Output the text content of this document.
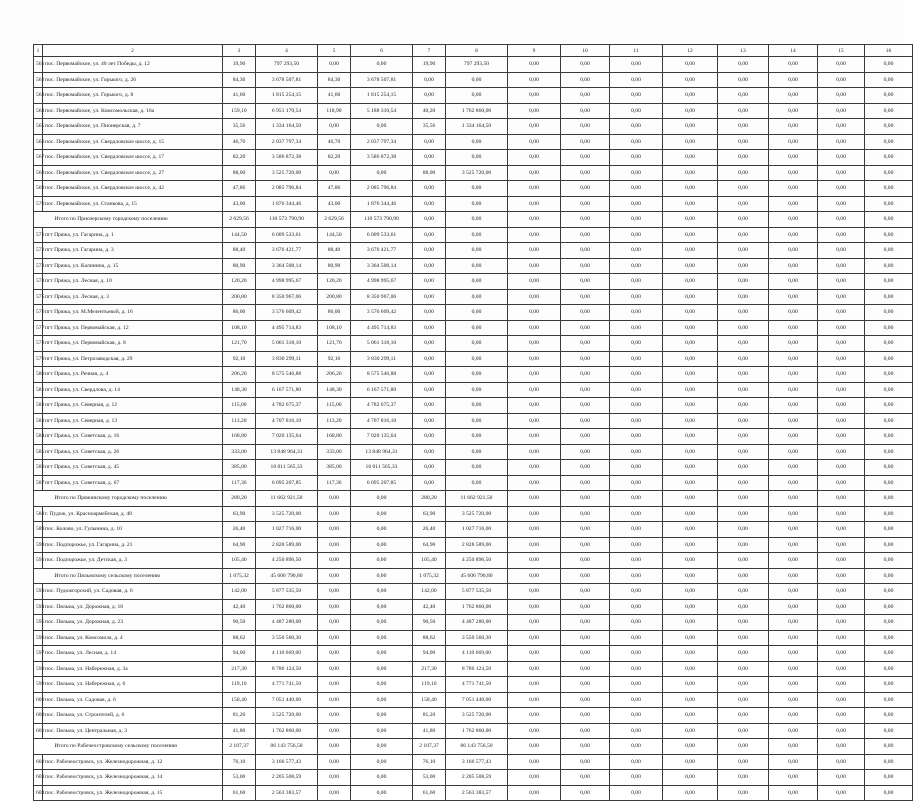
1	2	3	4	5	6	7	8	9	10	11	12	13	14	15	16
561	пос. Первомайское, ул. 40 лет Победы, д. 12	19,90	797 293,50	0,00	0,00	19,90	797 293,50	0,00	0,00	0,00	0,00	0,00	0,00	0,00	0,00
562	пос. Первомайское, ул. Горького, д. 26	84,30	3 678 507,81	84,30	3 678 507,81	0,00	0,00	0,00	0,00	0,00	0,00	0,00	0,00	0,00	0,00
563	пос. Первомайское, ул. Горького, д. 8	41,60	1 815 254,15	41,60	1 815 254,15	0,00	0,00	0,00	0,00	0,00	0,00	0,00	0,00	0,00	0,00
564	пос. Первомайское, ул. Комсомольская, д. 16а	159,10	6 951 170,54	118,90	5 188 310,54	40,20	1 762 860,00	0,00	0,00	0,00	0,00	0,00	0,00	0,00	0,00
565	пос. Первомайское, ул. Пионерская, д. 7	35,56	1 334 164,50	0,00	0,00	35,56	1 334 164,50	0,00	0,00	0,00	0,00	0,00	0,00	0,00	0,00
566	пос. Первомайское, ул. Свердловское шоссе, д. 15	46,70	2 037 797,34	46,70	2 037 797,34	0,00	0,00	0,00	0,00	0,00	0,00	0,00	0,00	0,00	0,00
567	пос. Первомайское, ул. Свердловское шоссе, д. 17	82,20	3 586 872,38	82,20	3 586 872,38	0,00	0,00	0,00	0,00	0,00	0,00	0,00	0,00	0,00	0,00
568	пос. Первомайское, ул. Свердловское шоссе, д. 27	88,00	3 525 720,00	0,00	0,00	88,00	3 525 720,00	0,00	0,00	0,00	0,00	0,00	0,00	0,00	0,00
569	пос. Первомайское, ул. Свердловское шоссе, д. 42	47,86	2 085 796,84	47,86	2 085 796,84	0,00	0,00	0,00	0,00	0,00	0,00	0,00	0,00	0,00	0,00
570	пос. Первомайское, ул. Станкова, д. 15	43,00	1 876 344,46	43,00	1 876 344,46	0,00	0,00	0,00	0,00	0,00	0,00	0,00	0,00	0,00	0,00
	Итого по Приозерскому городскому поселению	2 629,56	110 573 790,90	2 629,56	110 573 790,90	0,00	0,00	0,00	0,00	0,00	0,00	0,00	0,00	0,00	0,00
571	пгт Пряжа, ул. Гагарина, д. 1	144,50	6 009 533,61	144,50	6 009 533,61	0,00	0,00	0,00	0,00	0,00	0,00	0,00	0,00	0,00	0,00
572	пгт Пряжа, ул. Гагарина, д. 3	88,40	3 676 421,77	88,40	3 676 421,77	0,00	0,00	0,00	0,00	0,00	0,00	0,00	0,00	0,00	0,00
573	пгт Пряжа, ул. Калинина, д. 15	80,90	3 364 508,14	80,90	3 364 508,14	0,00	0,00	0,00	0,00	0,00	0,00	0,00	0,00	0,00	0,00
574	пгт Пряжа, ул. Лесная, д. 10	120,20	4 998 995,67	120,20	4 998 995,67	0,00	0,00	0,00	0,00	0,00	0,00	0,00	0,00	0,00	0,00
575	пгт Пряжа, ул. Лесная, д. 3	200,80	8 350 967,06	200,80	8 350 967,06	0,00	0,00	0,00	0,00	0,00	0,00	0,00	0,00	0,00	0,00
576	пгт Пряжа, ул. М.Мелентьевой, д. 16	86,00	3 576 609,42	86,00	3 576 609,42	0,00	0,00	0,00	0,00	0,00	0,00	0,00	0,00	0,00	0,00
577	пгт Пряжа, ул. Первомайская, д. 12	108,10	4 495 714,83	108,10	4 495 714,83	0,00	0,00	0,00	0,00	0,00	0,00	0,00	0,00	0,00	0,00
578	пгт Пряжа, ул. Первомайская, д. 8	121,70	5 061 318,10	121,70	5 061 318,10	0,00	0,00	0,00	0,00	0,00	0,00	0,00	0,00	0,00	0,00
579	пгт Пряжа, ул. Петрозаводская, д. 29	92,10	3 830 299,11	92,10	3 830 299,11	0,00	0,00	0,00	0,00	0,00	0,00	0,00	0,00	0,00	0,00
580	пгт Пряжа, ул. Речная, д. 4	206,20	8 575 546,88	206,20	8 575 546,88	0,00	0,00	0,00	0,00	0,00	0,00	0,00	0,00	0,00	0,00
581	пгт Пряжа, ул. Свердлова, д. 14	148,30	6 167 571,80	148,30	6 167 571,80	0,00	0,00	0,00	0,00	0,00	0,00	0,00	0,00	0,00	0,00
582	пгт Пряжа, ул. Северная, д. 12	115,00	4 782 675,37	115,00	4 782 675,37	0,00	0,00	0,00	0,00	0,00	0,00	0,00	0,00	0,00	0,00
583	пгт Пряжа, ул. Северная, д. 13	113,20	4 707 816,10	113,20	4 707 816,10	0,00	0,00	0,00	0,00	0,00	0,00	0,00	0,00	0,00	0,00
584	пгт Пряжа, ул. Советская, д. 16	168,80	7 020 135,64	168,80	7 020 135,64	0,00	0,00	0,00	0,00	0,00	0,00	0,00	0,00	0,00	0,00
585	пгт Пряжа, ул. Советская, д. 26	333,00	13 848 964,31	333,00	13 848 964,31	0,00	0,00	0,00	0,00	0,00	0,00	0,00	0,00	0,00	0,00
586	пгт Пряжа, ул. Советская, д. 45	385,00	16 011 565,33	385,00	16 011 565,33	0,00	0,00	0,00	0,00	0,00	0,00	0,00	0,00	0,00	0,00
587	пгт Пряжа, ул. Советская, д. 67	117,36	6 095 207,85	117,36	6 095 207,85	0,00	0,00	0,00	0,00	0,00	0,00	0,00	0,00	0,00	0,00
	Итого по Пряжинскому городскому поселению	280,20	11 662 921,50	0,00	0,00	280,20	11 662 921,50	0,00	0,00	0,00	0,00	0,00	0,00	0,00	0,00
588	г. Пудож, ул. Красноармейская, д. 48	63,90	3 525 720,00	0,00	0,00	63,90	3 525 720,00	0,00	0,00	0,00	0,00	0,00	0,00	0,00	0,00
589	пос. Колово, ул. Гулынина, д. 10	26,40	1 027 716,00	0,00	0,00	26,40	1 027 716,00	0,00	0,00	0,00	0,00	0,00	0,00	0,00	0,00
590	пос. Подпорожье, ул. Гагарина, д. 21	64,90	2 828 589,00	0,00	0,00	64,90	2 828 589,00	0,00	0,00	0,00	0,00	0,00	0,00	0,00	0,00
591	пос. Подпорожье, ул. Детская, д. 3	105,40	4 250 896,50	0,00	0,00	105,40	4 250 896,50	0,00	0,00	0,00	0,00	0,00	0,00	0,00	0,00
	Итого по Пяльмскому сельскому поселению	1 075,32	45 606 790,80	0,00	0,00	1 075,32	45 606 790,80	0,00	0,00	0,00	0,00	0,00	0,00	0,00	0,00
593	пос. Пудожгорский, ул. Садовая, д. 6	142,00	5 877 535,50	0,00	0,00	142,00	5 877 535,50	0,00	0,00	0,00	0,00	0,00	0,00	0,00	0,00
594	пос. Пяльма, ул. Дорожная, д. 18	42,40	1 762 860,00	0,00	0,00	42,40	1 762 860,00	0,00	0,00	0,00	0,00	0,00	0,00	0,00	0,00
595	пос. Пяльма, ул. Дорожная, д. 23	90,50	4 487 280,00	0,00	0,00	90,50	4 487 280,00	0,00	0,00	0,00	0,00	0,00	0,00	0,00	0,00
596	пос. Пяльма, ул. Комсомола, д. 4	88,62	3 550 560,30	0,00	0,00	88,62	3 550 560,30	0,00	0,00	0,00	0,00	0,00	0,00	0,00	0,00
597	пос. Пяльма, ул. Лесная, д. 14	94,00	4 110 669,00	0,00	0,00	94,00	4 110 669,00	0,00	0,00	0,00	0,00	0,00	0,00	0,00	0,00
598	пос. Пяльма, ул. Набережная, д. 3а	217,30	8 786 124,50	0,00	0,00	217,30	8 786 124,50	0,00	0,00	0,00	0,00	0,00	0,00	0,00	0,00
599	пос. Пяльма, ул. Набережная, д. 6	119,10	4 771 741,50	0,00	0,00	119,10	4 771 741,50	0,00	0,00	0,00	0,00	0,00	0,00	0,00	0,00
600	пос. Пяльма, ул. Садовая, д. 6	158,40	7 051 440,00	0,00	0,00	158,40	7 051 440,00	0,00	0,00	0,00	0,00	0,00	0,00	0,00	0,00
600	пос. Пяльма, ул. Строителей, д. 6	81,20	3 525 720,00	0,00	0,00	81,20	3 525 720,00	0,00	0,00	0,00	0,00	0,00	0,00	0,00	0,00
601	пос. Пяльма, ул. Центральная, д. 3	41,80	1 762 860,00	0,00	0,00	41,80	1 762 860,00	0,00	0,00	0,00	0,00	0,00	0,00	0,00	0,00
	Итого по Рабочеостровскому сельскому поселению	2 107,37	86 143 756,50	0,00	0,00	2 107,37	86 143 756,50	0,00	0,00	0,00	0,00	0,00	0,00	0,00	0,00
602	пос. Рабочеостровск, ул. Железнодорожная, д. 12	76,10	3 166 577,43	0,00	0,00	76,10	3 166 577,43	0,00	0,00	0,00	0,00	0,00	0,00	0,00	0,00
603	пос. Рабочеостровск, ул. Железнодорожная, д. 14	53,00	2 205 508,59	0,00	0,00	53,00	2 205 508,59	0,00	0,00	0,00	0,00	0,00	0,00	0,00	0,00
604	пос. Рабочеостровск, ул. Железнодорожная, д. 15	61,60	2 563 383,57	0,00	0,00	61,60	2 563 383,57	0,00	0,00	0,00	0,00	0,00	0,00	0,00	0,00
